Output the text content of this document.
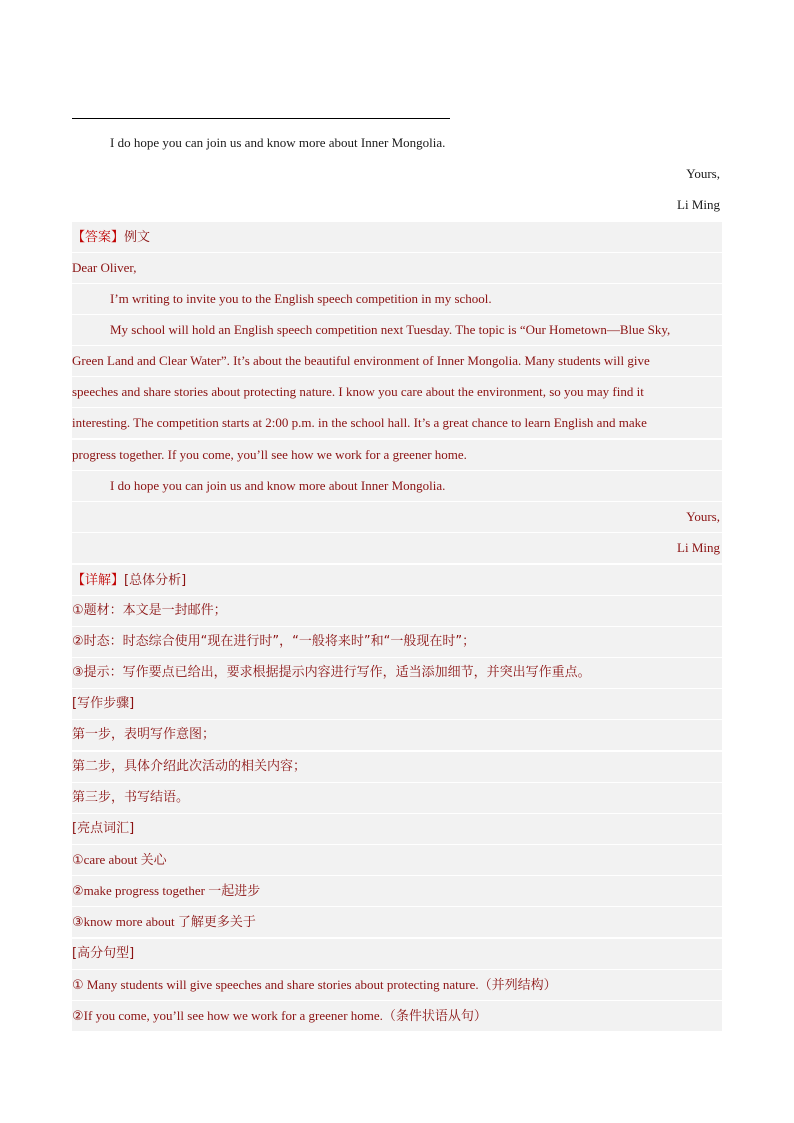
I do hope you can join us and know more about Inner Mongolia.
Yours,
Li Ming
【答案】例文
Dear Oliver,
I’m writing to invite you to the English speech competition in my school.
My school will hold an English speech competition next Tuesday. The topic is “Our Hometown—Blue Sky,
Green Land and Clear Water”. It’s about the beautiful environment of Inner Mongolia. Many students will give
speeches and share stories about protecting nature. I know you care about the environment, so you may find it
interesting. The competition starts at 2:00 p.m. in the school hall. It’s a great chance to learn English and make
progress together. If you come, you’ll see how we work for a greener home.
I do hope you can join us and know more about Inner Mongolia.
Yours,
Li Ming
【详解】[总体分析]
①题材：本文是一封邮件；
②时态：时态综合使用“现在进行时”，“一般将来时”和“一般现在时”；
③提示：写作要点已给出，要求根据提示内容进行写作，适当添加细节，并突出写作重点。
[写作步骤]
第一步，表明写作意图；
第二步，具体介绍此次活动的相关内容；
第三步，书写结语。
[亮点词汇]
①care about 关心
②make progress together 一起进步
③know more about 了解更多关于
[高分句型]
① Many students will give speeches and share stories about protecting nature.（并列结构）
②If you come, you’ll see how we work for a greener home.（条件状语从句）
